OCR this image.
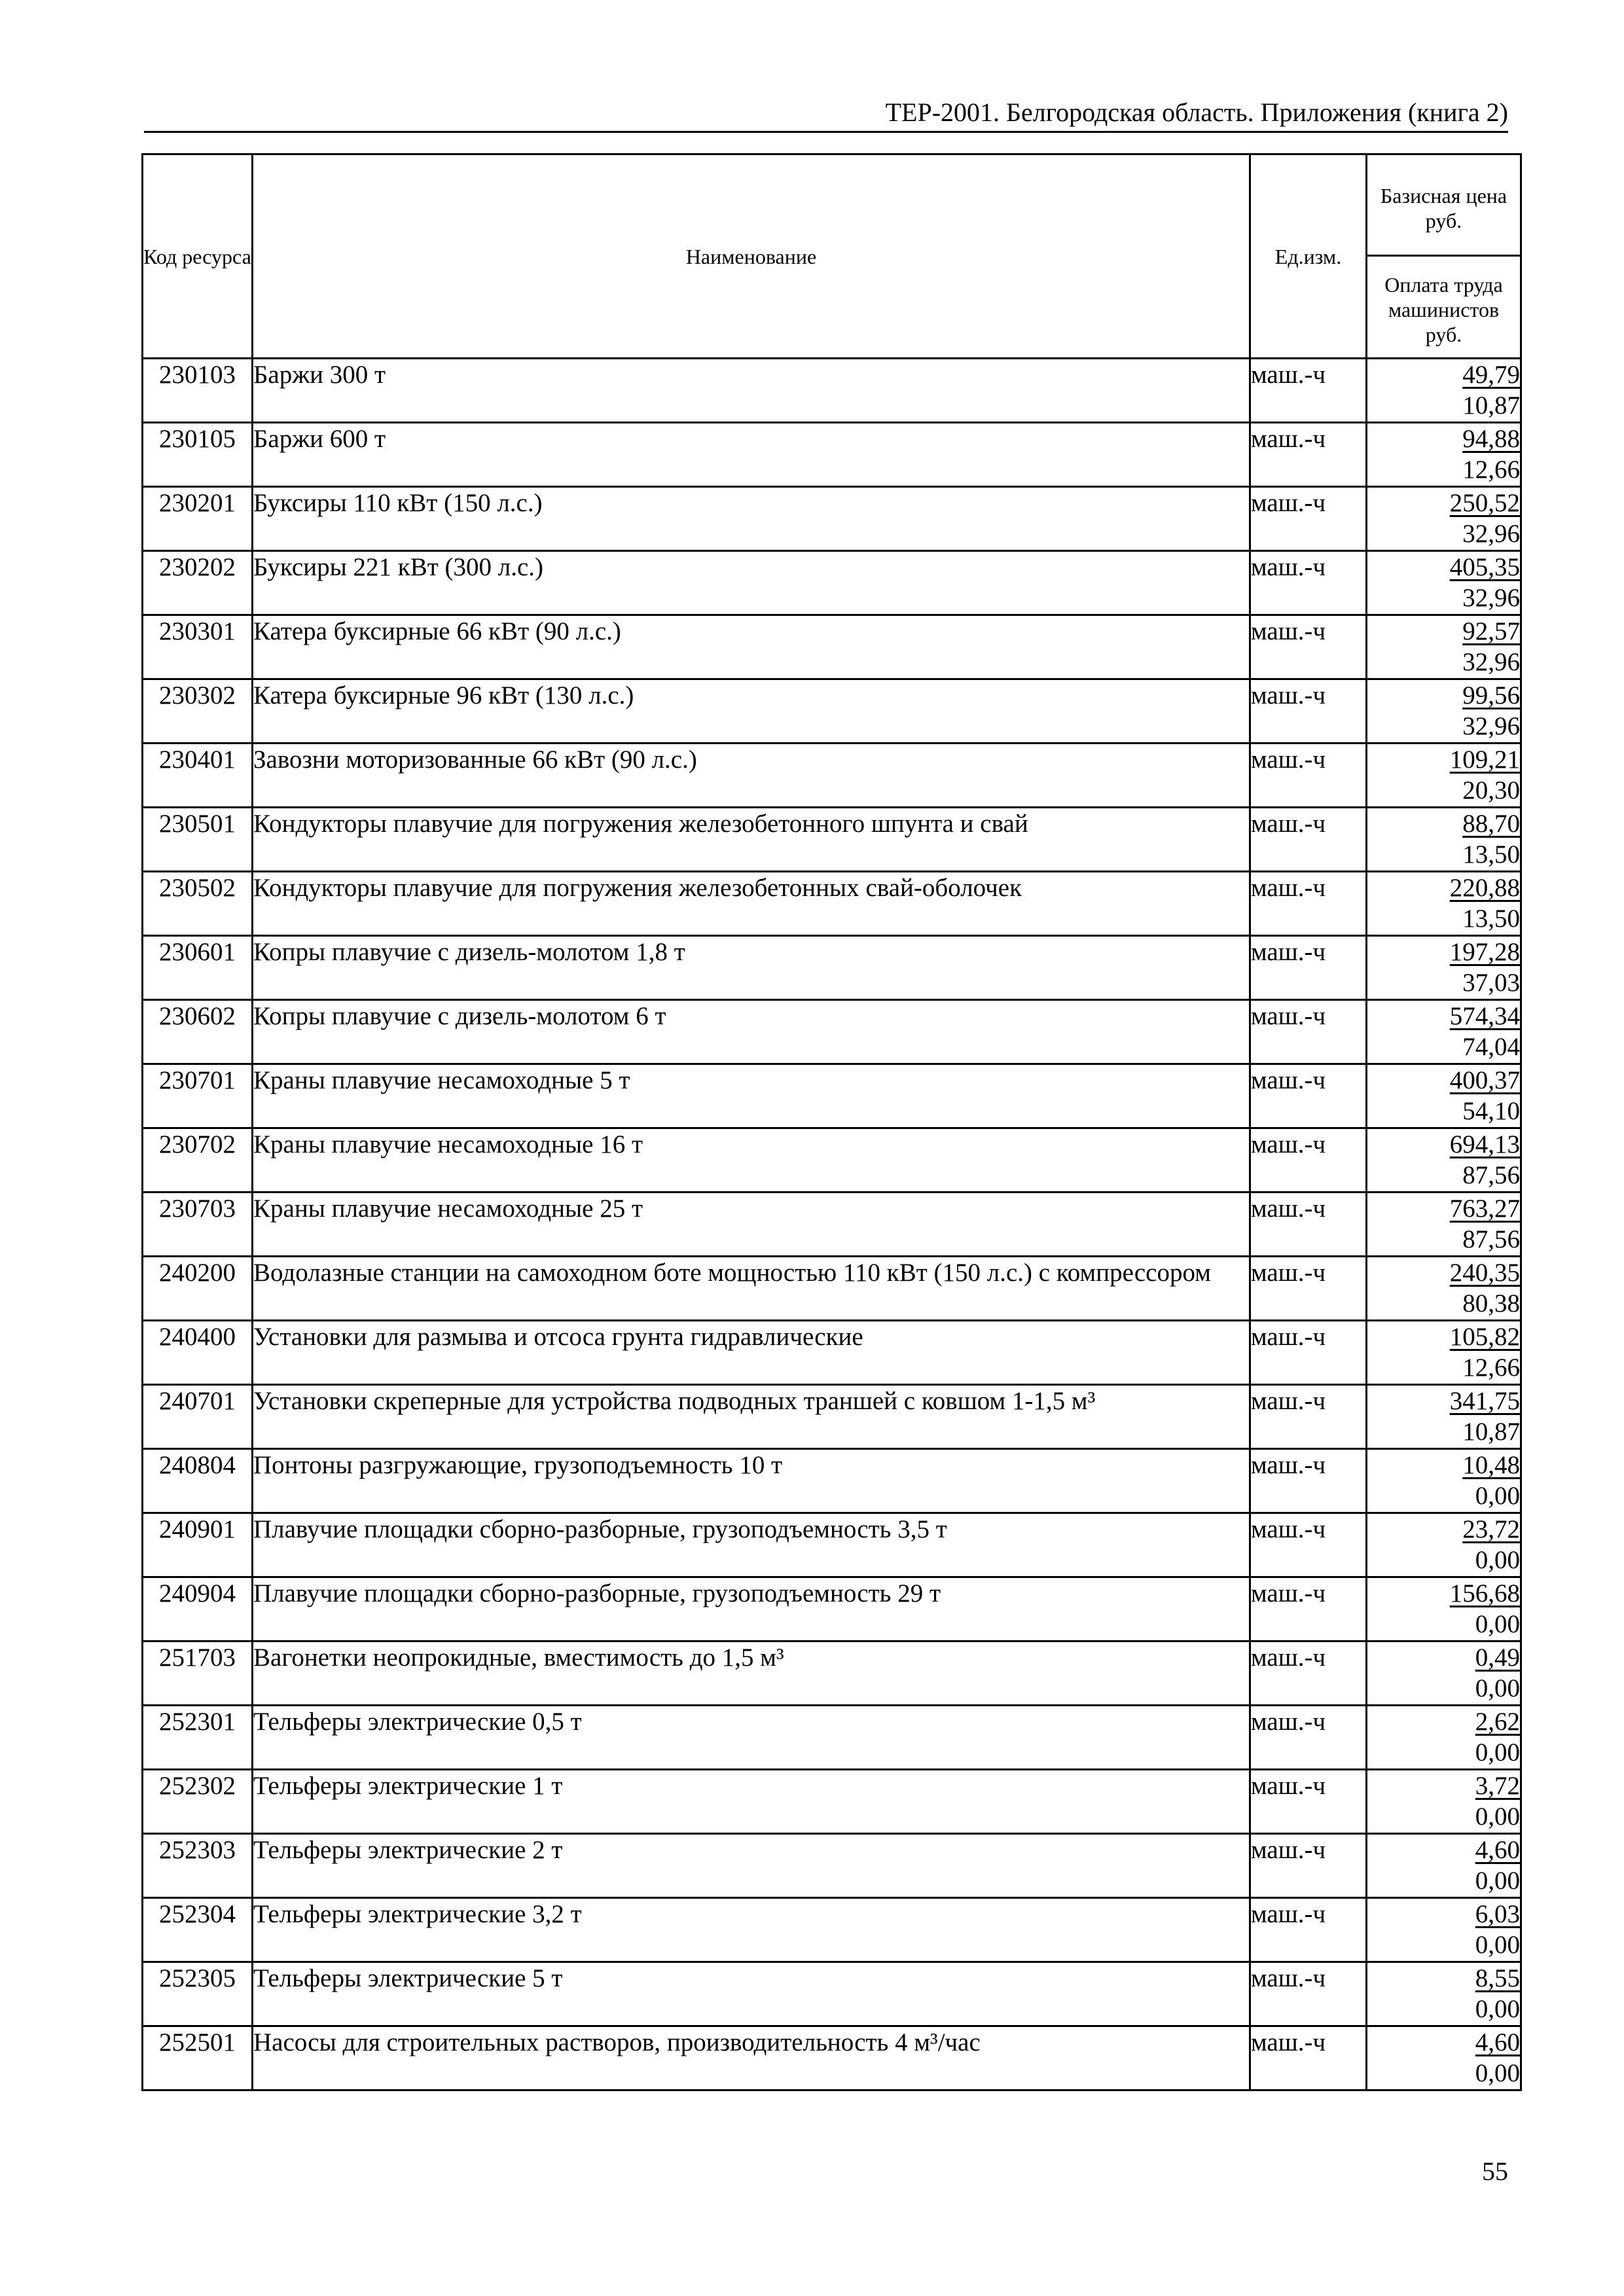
ТЕР-2001. Белгородская область. Приложения (книга 2)
Код ресурса	Наименование	Ед.изм.	Базисная цена руб.
			Оплата труда машинистов руб.
230103	Баржи 300 т	маш.-ч	49,79
10,87

230105	Баржи 600 т	маш.-ч	94,88
12,66

230201	Буксиры 110 кВт (150 л.с.)	маш.-ч	250,52
32,96

230202	Буксиры 221 кВт (300 л.с.)	маш.-ч	405,35
32,96

230301	Катера буксирные 66 кВт (90 л.с.)	маш.-ч	92,57
32,96

230302	Катера буксирные 96 кВт (130 л.с.)	маш.-ч	99,56
32,96

230401	Завозни моторизованные 66 кВт (90 л.с.)	маш.-ч	109,21
20,30

230501	Кондукторы плавучие для погружения железобетонного шпунта и свай	маш.-ч	88,70
13,50

230502	Кондукторы плавучие для погружения железобетонных свай-оболочек	маш.-ч	220,88
13,50

230601	Копры плавучие с дизель-молотом 1,8 т	маш.-ч	197,28
37,03

230602	Копры плавучие с дизель-молотом 6 т	маш.-ч	574,34
74,04

230701	Краны плавучие несамоходные 5 т	маш.-ч	400,37
54,10

230702	Краны плавучие несамоходные 16 т	маш.-ч	694,13
87,56

230703	Краны плавучие несамоходные 25 т	маш.-ч	763,27
87,56

240200	Водолазные станции на самоходном боте мощностью 110 кВт (150 л.с.) с компрессором	маш.-ч	240,35
80,38

240400	Установки для размыва и отсоса грунта гидравлические	маш.-ч	105,82
12,66

240701	Установки скреперные для устройства подводных траншей с ковшом 1-1,5 м³	маш.-ч	341,75
10,87

240804	Понтоны разгружающие, грузоподъемность 10 т	маш.-ч	10,48
0,00

240901	Плавучие площадки сборно-разборные, грузоподъемность 3,5 т	маш.-ч	23,72
0,00

240904	Плавучие площадки сборно-разборные, грузоподъемность 29 т	маш.-ч	156,68
0,00

251703	Вагонетки неопрокидные, вместимость до 1,5 м³	маш.-ч	0,49
0,00

252301	Тельферы электрические 0,5 т	маш.-ч	2,62
0,00

252302	Тельферы электрические 1 т	маш.-ч	3,72
0,00

252303	Тельферы электрические 2 т	маш.-ч	4,60
0,00

252304	Тельферы электрические 3,2 т	маш.-ч	6,03
0,00

252305	Тельферы электрические 5 т	маш.-ч	8,55
0,00

252501	Насосы для строительных растворов, производительность 4 м³/час	маш.-ч	4,60
0,00
55
